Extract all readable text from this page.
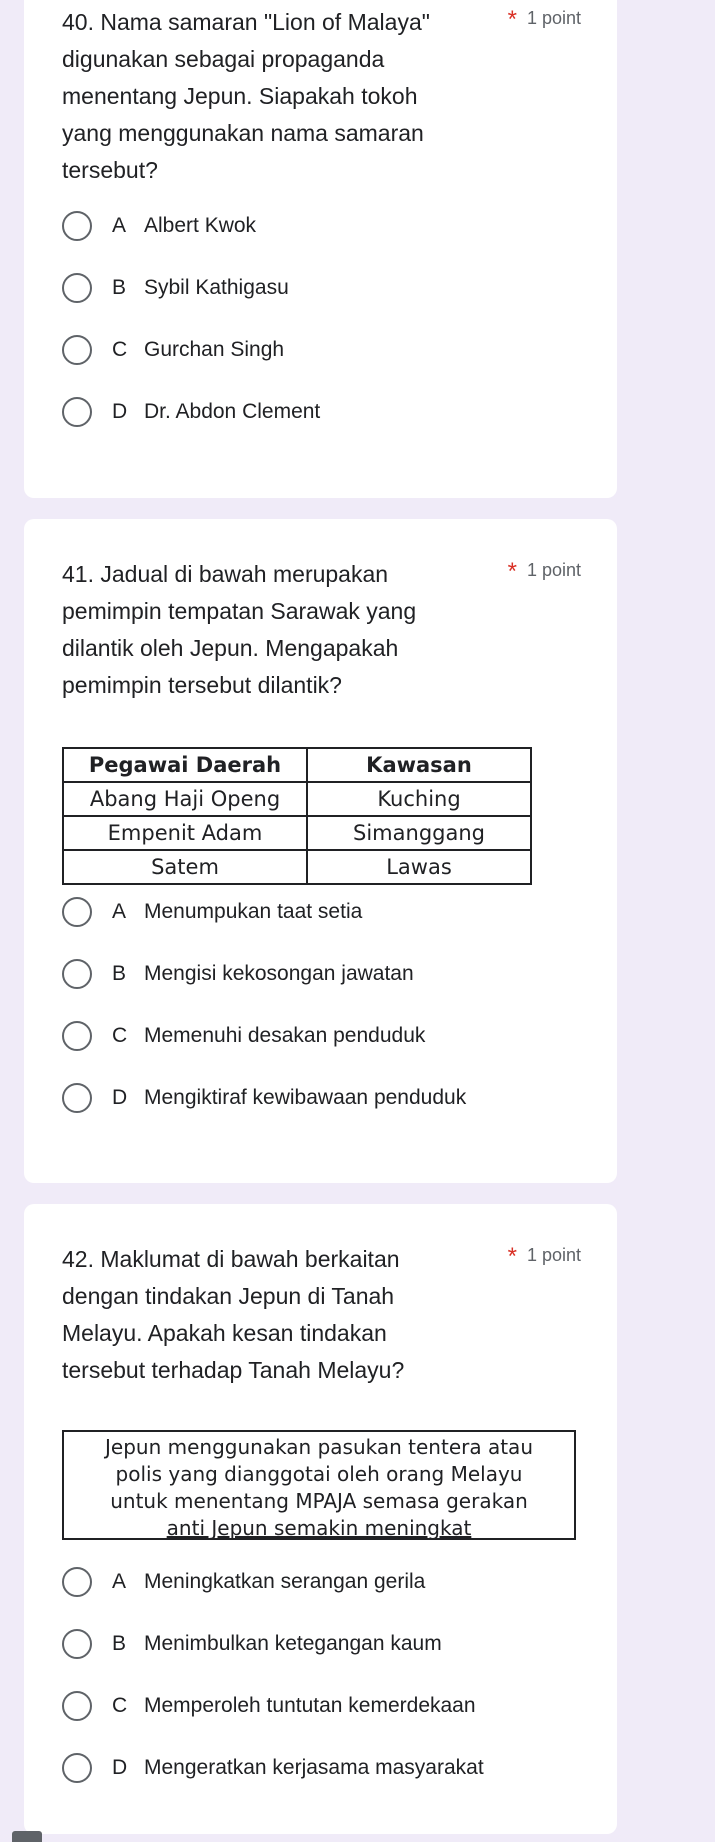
40. Nama samaran "Lion of Malaya" digunakan sebagai propaganda menentang Jepun. Siapakah tokoh yang menggunakan nama samaran tersebut?
* 1 point
A Albert Kwok
B Sybil Kathigasu
C Gurchan Singh
D Dr. Abdon Clement
41. Jadual di bawah merupakan pemimpin tempatan Sarawak yang dilantik oleh Jepun. Mengapakah pemimpin tersebut dilantik?
* 1 point
Pegawai Daerah	Kawasan
Abang Haji Openg	Kuching
Empenit Adam	Simanggang
Satem	Lawas
A Menumpukan taat setia
B Mengisi kekosongan jawatan
C Memenuhi desakan penduduk
D Mengiktiraf kewibawaan penduduk
42. Maklumat di bawah berkaitan dengan tindakan Jepun di Tanah Melayu. Apakah kesan tindakan tersebut terhadap Tanah Melayu?
* 1 point
Jepun menggunakan pasukan tentera atau
polis yang dianggotai oleh orang Melayu
untuk menentang MPAJA semasa gerakan
anti Jepun semakin meningkat
A Meningkatkan serangan gerila
B Menimbulkan ketegangan kaum
C Memperoleh tuntutan kemerdekaan
D Mengeratkan kerjasama masyarakat
